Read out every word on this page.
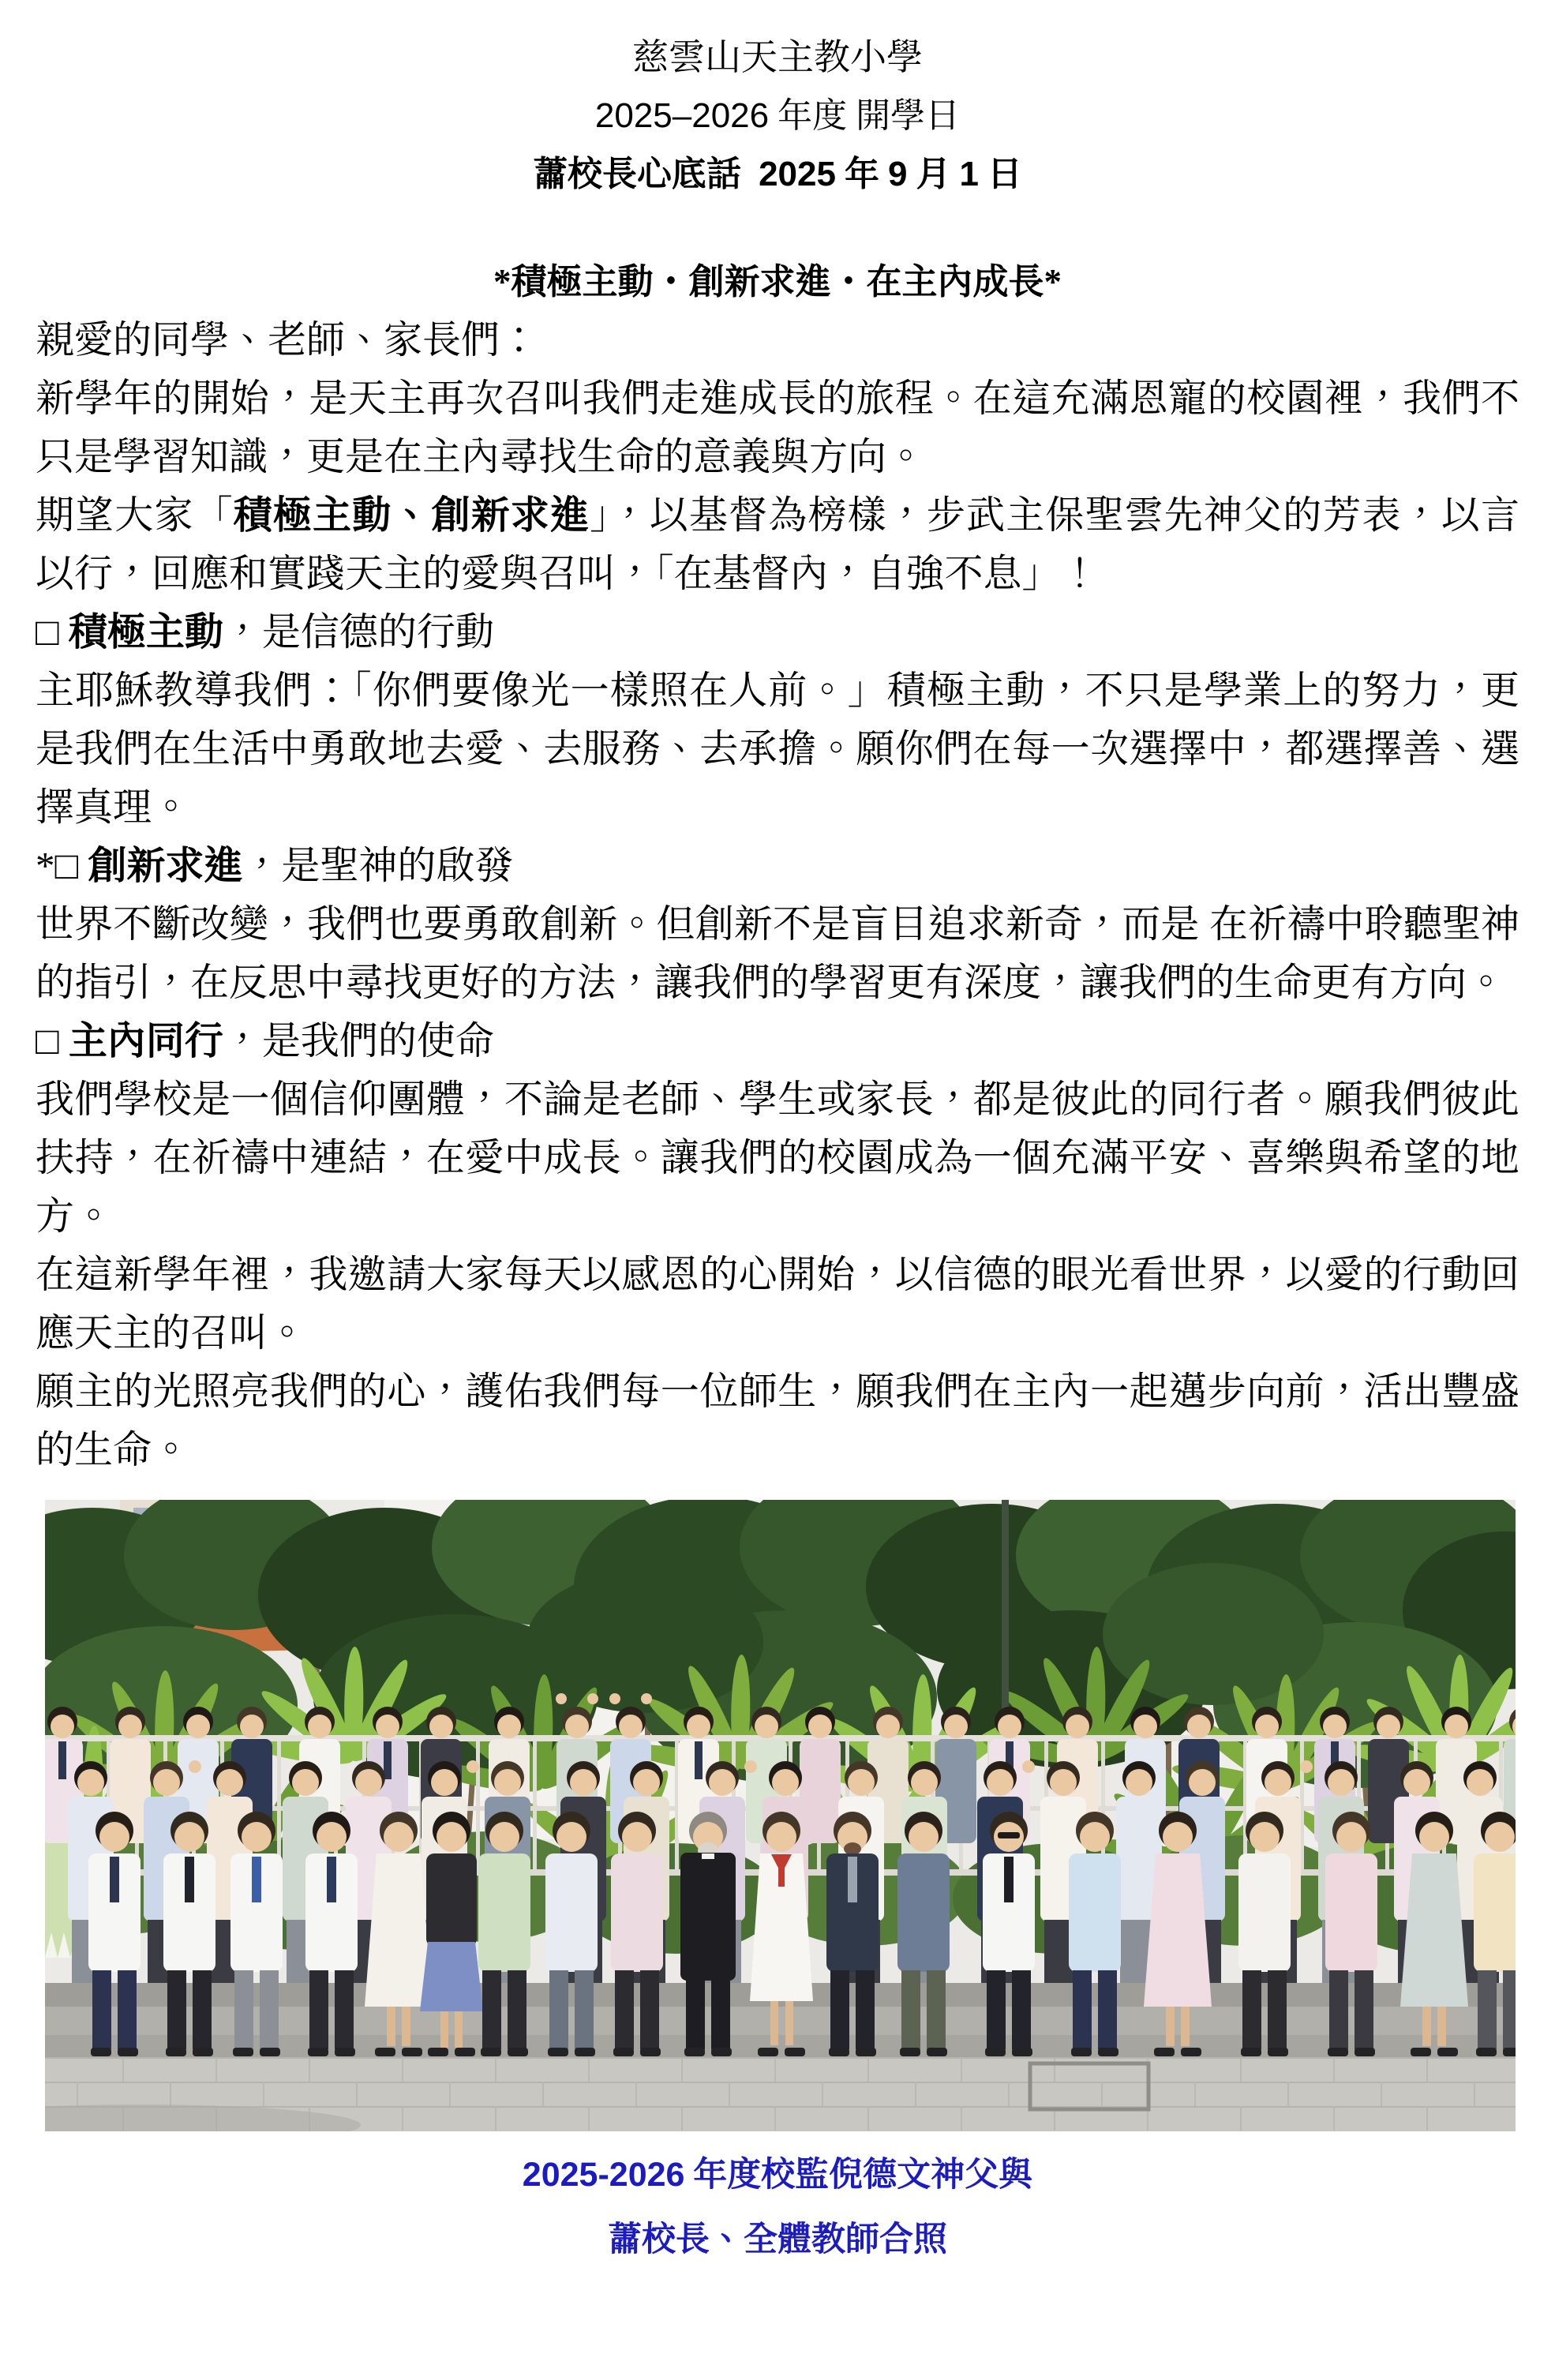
慈雲山天主教小學
2025–2026 年度 開學日
蕭校長心底話 2025 年 9 月 1 日
*積極主動・創新求進・在主內成長*

親愛的同學、老師、家長們：

新學年的開始，是天主再次召叫我們走進成長的旅程。在這充滿恩寵的校園裡，我們不只是學習知識，更是在主內尋找生命的意義與方向。

期望大家「積極主動、創新求進」，以基督為榜樣，步武主保聖雲先神父的芳表，以言以行，回應和實踐天主的愛與召叫，「在基督內，自強不息」！

□ 積極主動，是信德的行動

主耶穌教導我們：「你們要像光一樣照在人前。」積極主動，不只是學業上的努力，更是我們在生活中勇敢地去愛、去服務、去承擔。願你們在每一次選擇中，都選擇善、選擇真理。

*□ 創新求進，是聖神的啟發

世界不斷改變，我們也要勇敢創新。但創新不是盲目追求新奇，而是 在祈禱中聆聽聖神的指引，在反思中尋找更好的方法，讓我們的學習更有深度，讓我們的生命更有方向。

□ 主內同行，是我們的使命

我們學校是一個信仰團體，不論是老師、學生或家長，都是彼此的同行者。願我們彼此扶持，在祈禱中連結，在愛中成長。讓我們的校園成為一個充滿平安、喜樂與希望的地方。

在這新學年裡，我邀請大家每天以感恩的心開始，以信德的眼光看世界，以愛的行動回應天主的召叫。

願主的光照亮我們的心，護佑我們每一位師生，願我們在主內一起邁步向前，活出豐盛的生命。

2025-2026 年度校監倪德文神父與
蕭校長、全體教師合照
